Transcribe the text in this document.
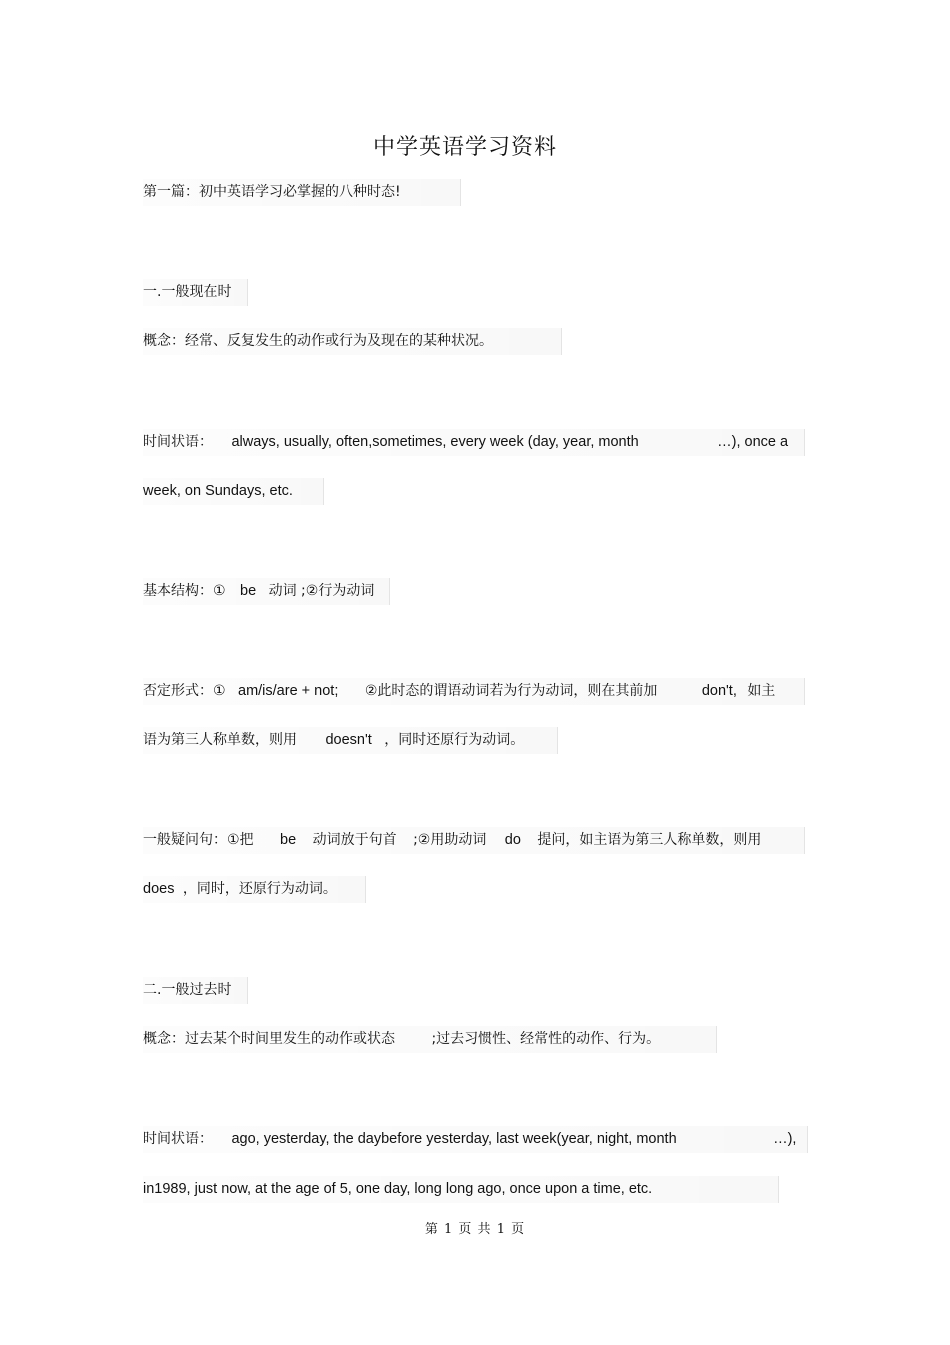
中学英语学习资料
第一篇：初中英语学习必掌握的八种时态!
一.一般现在时
概念：经常、反复发生的动作或行为及现在的某种状况。
时间状语： always, usually, often,sometimes, every week (day, year, month	…), once a
week, on Sundays, etc.
基本结构：① be 动词 ;②行为动词
否定形式：① am/is/are + not; ②此时态的谓语动词若为行为动词，则在其前加	don't, 如主
语为第三人称单数，则用 doesn't ，同时还原行为动词。
一般疑问句：①把 be 动词放于句首 ;②用助动词 do 提问，如主语为第三人称单数，则用
does ，同时，还原行为动词。
二.一般过去时
概念：过去某个时间里发生的动作或状态	;过去习惯性、经常性的动作、行为。
时间状语： ago, yesterday, the daybefore yesterday, last week(year, night, month	…),
in1989, just now, at the age of 5, one day, long long ago, once upon a time, etc.
第 1 页 共 1 页
